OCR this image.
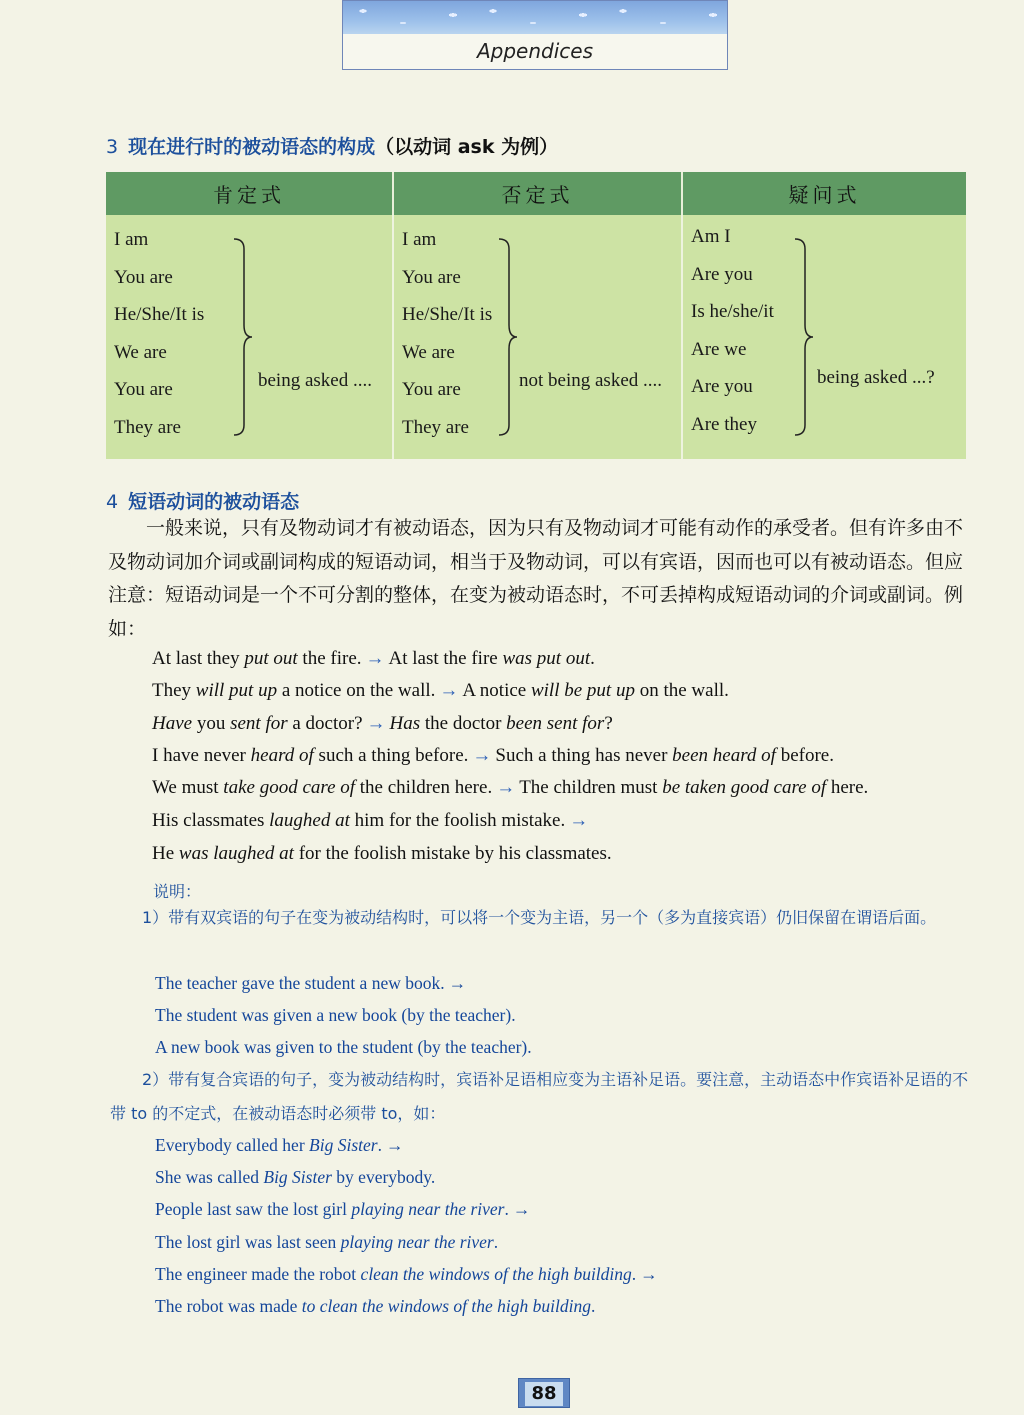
Appendices
3 现在进行时的被动语态的构成（以动词 ask 为例）
肯定式	否定式	疑问式
I am
You are
He/She/It is
We are
You are
They are
being asked ....
I am
You are
He/She/It is
We are
You are
They are
not being asked ....
Am I
Are you
Is he/she/it
Are we
Are you
Are they
being asked ...?
4 短语动词的被动语态
　　一般来说，只有及物动词才有被动语态，因为只有及物动词才可能有动作的承受者。但有许多由不及物动词加介词或副词构成的短语动词，相当于及物动词，可以有宾语，因而也可以有被动语态。但应注意：短语动词是一个不可分割的整体，在变为被动语态时，不可丢掉构成短语动词的介词或副词。例如：
At last they put out the fire. → At last the fire was put out.
They will put up a notice on the wall. → A notice will be put up on the wall.
Have you sent for a doctor? → Has the doctor been sent for?
I have never heard of such a thing before. → Such a thing has never been heard of before.
We must take good care of the children here. → The children must be taken good care of here.
His classmates laughed at him for the foolish mistake. →
He was laughed at for the foolish mistake by his classmates.
说明：
　　1）带有双宾语的句子在变为被动结构时，可以将一个变为主语，另一个（多为直接宾语）仍旧保留在谓语后面。
The teacher gave the student a new book. →
The student was given a new book (by the teacher).
A new book was given to the student (by the teacher).
　　2）带有复合宾语的句子，变为被动结构时，宾语补足语相应变为主语补足语。要注意，主动语态中作宾语补足语的不带 to 的不定式，在被动语态时必须带 to，如：
Everybody called her Big Sister. →
She was called Big Sister by everybody.
People last saw the lost girl playing near the river. →
The lost girl was last seen playing near the river.
The engineer made the robot clean the windows of the high building. →
The robot was made to clean the windows of the high building.
88
